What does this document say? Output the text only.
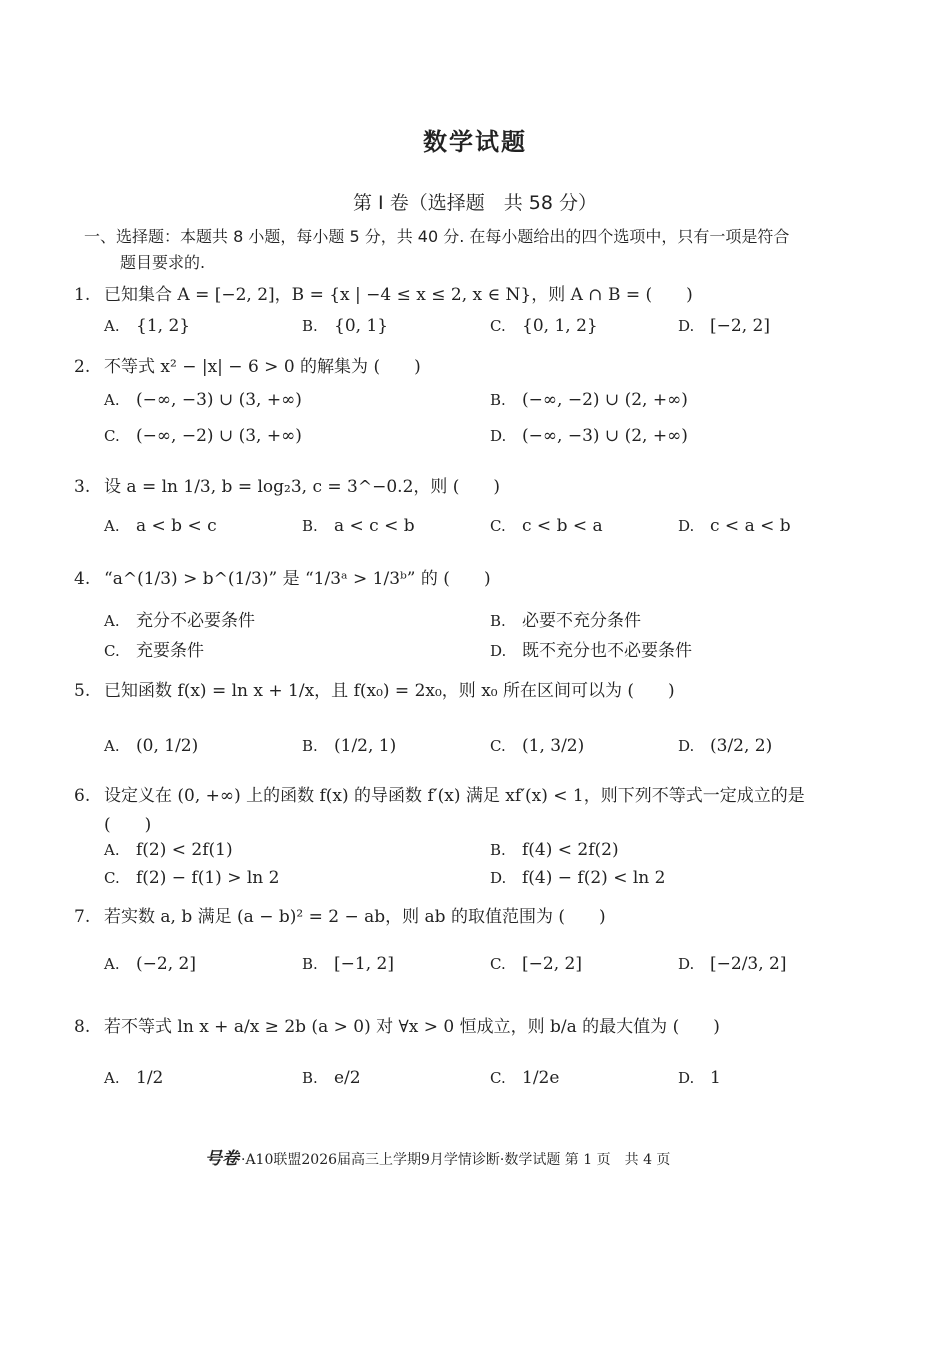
数学试题
第 I 卷（选择题　共 58 分）
一、选择题：本题共 8 小题，每小题 5 分，共 40 分. 在每小题给出的四个选项中，只有一项是符合
题目要求的.
1. 已知集合 A = [−2, 2]，B = {x | −4 ≤ x ≤ 2, x ∈ N}，则 A ∩ B = (　　)
A. {1, 2}	B. {0, 1}	C. {0, 1, 2}	D. [−2, 2]
2. 不等式 x² − |x| − 6 > 0 的解集为 (　　)
A. (−∞, −3) ∪ (3, +∞)	B. (−∞, −2) ∪ (2, +∞)
C. (−∞, −2) ∪ (3, +∞)	D. (−∞, −3) ∪ (2, +∞)
3. 设 a = ln 1/3, b = log₂3, c = 3^−0.2，则 (　　)
A. a < b < c	B. a < c < b	C. c < b < a	D. c < a < b
4. “a^(1/3) > b^(1/3)” 是 “1/3ᵃ > 1/3ᵇ” 的 (　　)
A. 充分不必要条件	B. 必要不充分条件
C. 充要条件	D. 既不充分也不必要条件
5. 已知函数 f(x) = ln x + 1/x，且 f(x₀) = 2x₀，则 x₀ 所在区间可以为 (　　)
A. (0, 1/2)	B. (1/2, 1)	C. (1, 3/2)	D. (3/2, 2)
6. 设定义在 (0, +∞) 上的函数 f(x) 的导函数 f′(x) 满足 xf′(x) < 1，则下列不等式一定成立的是
(　　)
A. f(2) < 2f(1)	B. f(4) < 2f(2)
C. f(2) − f(1) > ln 2	D. f(4) − f(2) < ln 2
7. 若实数 a, b 满足 (a − b)² = 2 − ab，则 ab 的取值范围为 (　　)
A. (−2, 2]	B. [−1, 2]	C. [−2, 2]	D. [−2/3, 2]
8. 若不等式 ln x + a/x ≥ 2b (a > 0) 对 ∀x > 0 恒成立，则 b/a 的最大值为 (　　)
A. 1/2	B. e/2	C. 1/2e	D. 1
号卷 ·A10联盟2026届高三上学期9月学情诊断·数学试题 第 1 页　共 4 页
